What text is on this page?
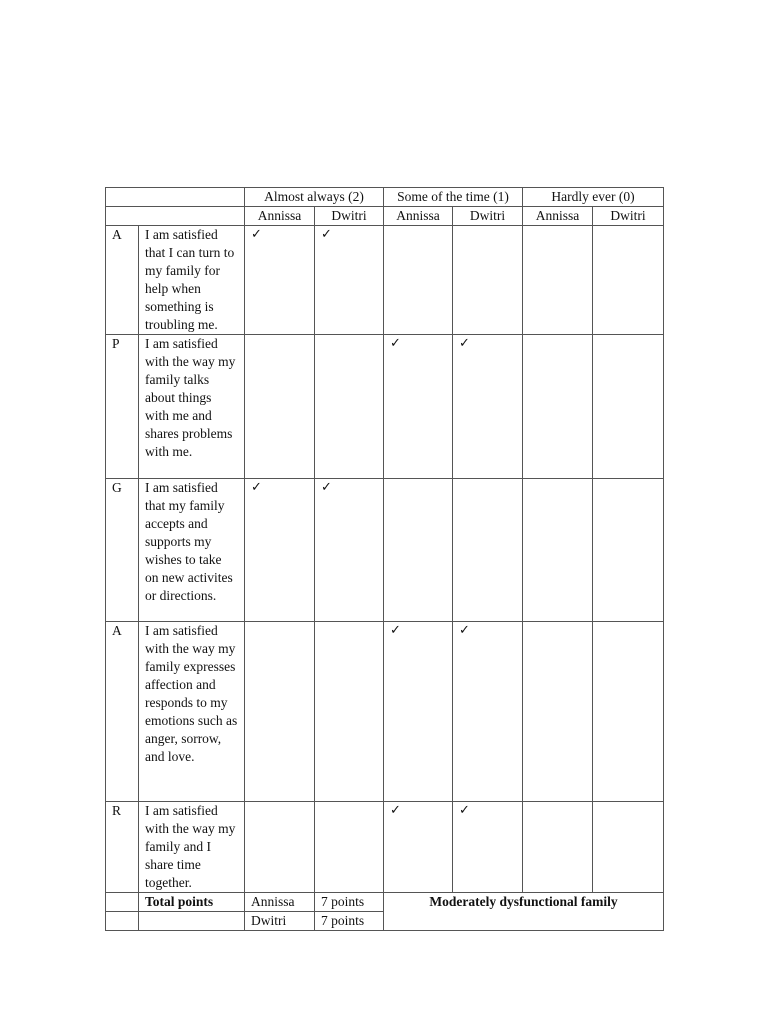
		Almost always (2)		Some of the time (1)		Hardly ever (0)	
		Annissa	Dwitri	Annissa	Dwitri	Annissa	Dwitri
A	I am satisfied that I can turn to my family for help when something is troubling me.	✓	✓				
P	I am satisfied with the way my family talks about things with me and shares problems with me.			✓	✓		
G	I am satisfied that my family accepts and supports my wishes to take on new activites or directions.	✓	✓				
A	I am satisfied with the way my family expresses affection and responds to my emotions such as anger, sorrow, and love.			✓	✓		
R	I am satisfied with the way my family and I share time together.			✓	✓		
	Total points	Annissa	7 points	Moderately dysfunctional family			
		Dwitri	7 points				
